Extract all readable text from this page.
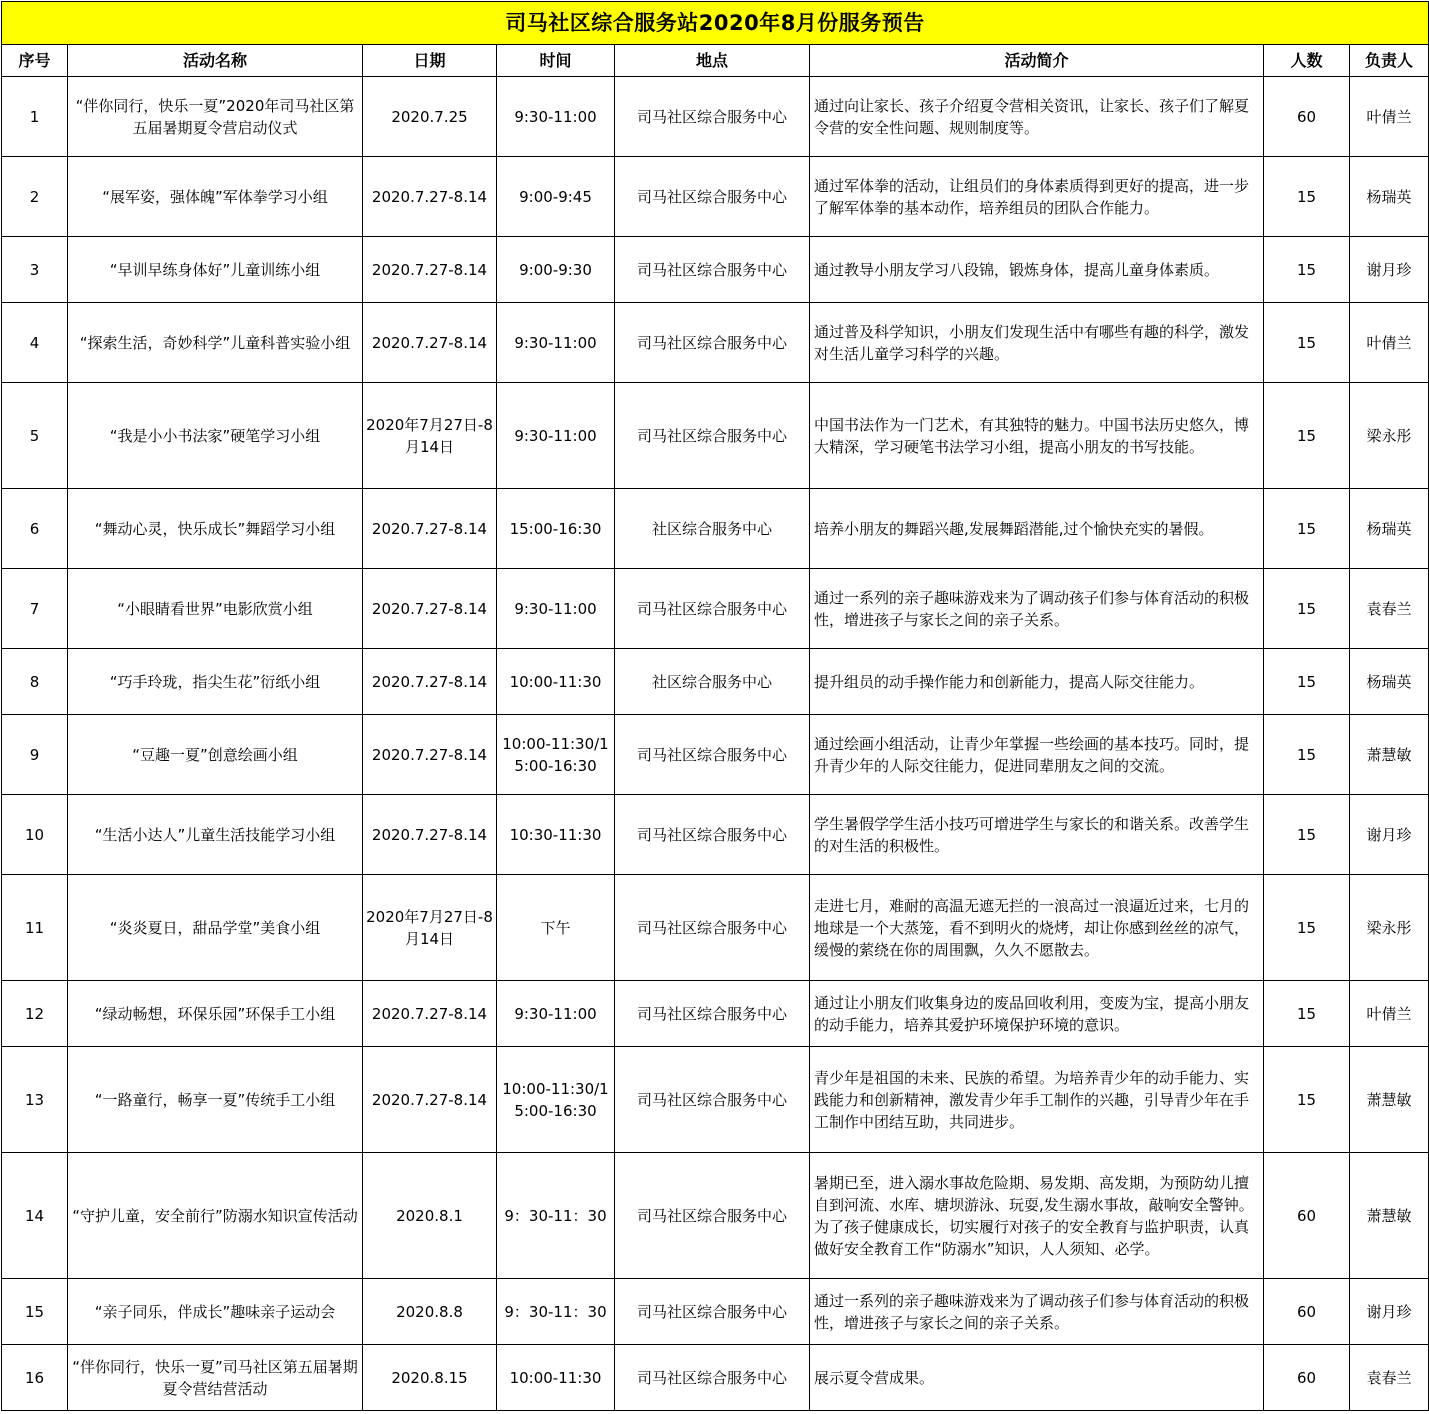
司马社区综合服务站2020年8月份服务预告							
序号	活动名称	日期	时间	地点	活动简介	人数	负责人
1	“伴你同行，快乐一夏”2020年司马社区第五届暑期夏令营启动仪式	2020.7.25	9:30-11:00	司马社区综合服务中心	通过向让家长、孩子介绍夏令营相关资讯，让家长、孩子们了解夏令营的安全性问题、规则制度等。	60	叶倩兰
2	“展军姿，强体魄”军体拳学习小组	2020.7.27-8.14	9:00-9:45	司马社区综合服务中心	通过军体拳的活动，让组员们的身体素质得到更好的提高，进一步了解军体拳的基本动作，培养组员的团队合作能力。	15	杨瑞英
3	“早训早练身体好”儿童训练小组	2020.7.27-8.14	9:00-9:30	司马社区综合服务中心	通过教导小朋友学习八段锦，锻炼身体，提高儿童身体素质。	15	谢月珍
4	“探索生活，奇妙科学”儿童科普实验小组	2020.7.27-8.14	9:30-11:00	司马社区综合服务中心	通过普及科学知识，小朋友们发现生活中有哪些有趣的科学，激发对生活儿童学习科学的兴趣。	15	叶倩兰
5	“我是小小书法家”硬笔学习小组	2020年7月27日-8月14日	9:30-11:00	司马社区综合服务中心	中国书法作为一门艺术，有其独特的魅力。中国书法历史悠久，博大精深，学习硬笔书法学习小组，提高小朋友的书写技能。	15	梁永彤
6	“舞动心灵，快乐成长”舞蹈学习小组	2020.7.27-8.14	15:00-16:30	社区综合服务中心	培养小朋友的舞蹈兴趣,发展舞蹈潜能,过个愉快充实的暑假。	15	杨瑞英
7	“小眼睛看世界”电影欣赏小组	2020.7.27-8.14	9:30-11:00	司马社区综合服务中心	通过一系列的亲子趣味游戏来为了调动孩子们参与体育活动的积极性，增进孩子与家长之间的亲子关系。	15	袁春兰
8	“巧手玲珑，指尖生花”衍纸小组	2020.7.27-8.14	10:00-11:30	社区综合服务中心	提升组员的动手操作能力和创新能力，提高人际交往能力。	15	杨瑞英
9	“豆趣一夏”创意绘画小组	2020.7.27-8.14	10:00-11:30/15:00-16:30	司马社区综合服务中心	通过绘画小组活动，让青少年掌握一些绘画的基本技巧。同时，提升青少年的人际交往能力，促进同辈朋友之间的交流。	15	萧慧敏
10	“生活小达人”儿童生活技能学习小组	2020.7.27-8.14	10:30-11:30	司马社区综合服务中心	学生暑假学学生活小技巧可增进学生与家长的和谐关系。改善学生的对生活的积极性。	15	谢月珍
11	“炎炎夏日，甜品学堂”美食小组	2020年7月27日-8月14日	下午	司马社区综合服务中心	走进七月，难耐的高温无遮无拦的一浪高过一浪逼近过来，七月的地球是一个大蒸笼，看不到明火的烧烤，却让你感到丝丝的凉气，缓慢的萦绕在你的周围飘，久久不愿散去。	15	梁永彤
12	“绿动畅想，环保乐园”环保手工小组	2020.7.27-8.14	9:30-11:00	司马社区综合服务中心	通过让小朋友们收集身边的废品回收利用，变废为宝，提高小朋友的动手能力，培养其爱护环境保护环境的意识。	15	叶倩兰
13	“一路童行，畅享一夏”传统手工小组	2020.7.27-8.14	10:00-11:30/15:00-16:30	司马社区综合服务中心	青少年是祖国的未来、民族的希望。为培养青少年的动手能力、实践能力和创新精神，激发青少年手工制作的兴趣，引导青少年在手工制作中团结互助，共同进步。	15	萧慧敏
14	“守护儿童，安全前行”防溺水知识宣传活动	2020.8.1	9：30-11：30	司马社区综合服务中心	暑期已至，进入溺水事故危险期、易发期、高发期，为预防幼儿擅自到河流、水库、塘坝游泳、玩耍,发生溺水事故，敲响安全警钟。为了孩子健康成长，切实履行对孩子的安全教育与监护职责，认真做好安全教育工作“防溺水”知识，人人须知、必学。	60	萧慧敏
15	“亲子同乐，伴成长”趣味亲子运动会	2020.8.8	9：30-11：30	司马社区综合服务中心	通过一系列的亲子趣味游戏来为了调动孩子们参与体育活动的积极性，增进孩子与家长之间的亲子关系。	60	谢月珍
16	“伴你同行，快乐一夏”司马社区第五届暑期夏令营结营活动	2020.8.15	10:00-11:30	司马社区综合服务中心	展示夏令营成果。	60	袁春兰
